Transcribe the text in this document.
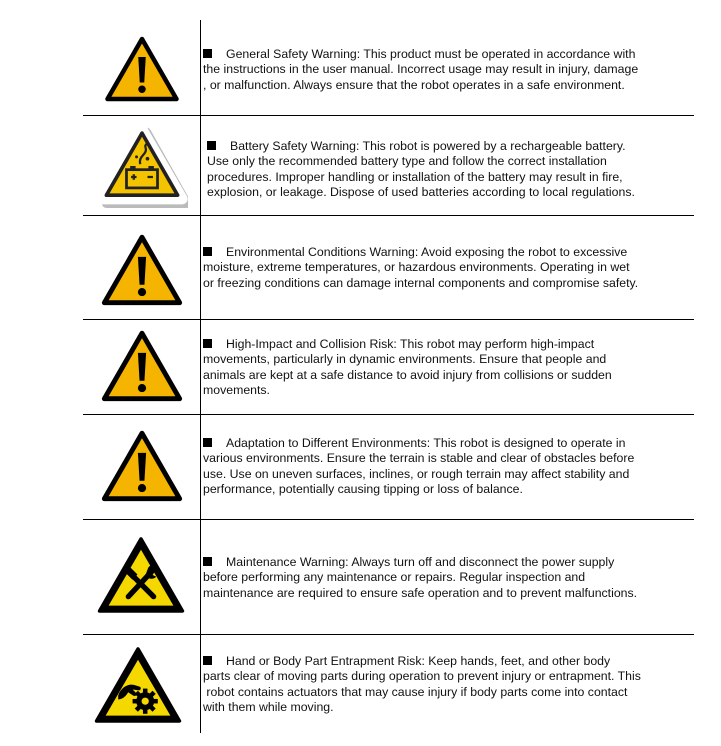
General Safety Warning: This product must be operated in accordance with
the instructions in the user manual. Incorrect usage may result in injury, damage
, or malfunction. Always ensure that the robot operates in a safe environment.
Battery Safety Warning: This robot is powered by a rechargeable battery.
Use only the recommended battery type and follow the correct installation
procedures. Improper handling or installation of the battery may result in fire,
explosion, or leakage. Dispose of used batteries according to local regulations.
Environmental Conditions Warning: Avoid exposing the robot to excessive
moisture, extreme temperatures, or hazardous environments. Operating in wet
or freezing conditions can damage internal components and compromise safety.
High-Impact and Collision Risk: This robot may perform high-impact
movements, particularly in dynamic environments. Ensure that people and
animals are kept at a safe distance to avoid injury from collisions or sudden
movements.
Adaptation to Different Environments: This robot is designed to operate in
various environments. Ensure the terrain is stable and clear of obstacles before
use. Use on uneven surfaces, inclines, or rough terrain may affect stability and
performance, potentially causing tipping or loss of balance.
Maintenance Warning: Always turn off and disconnect the power supply
before performing any maintenance or repairs. Regular inspection and
maintenance are required to ensure safe operation and to prevent malfunctions.
Hand or Body Part Entrapment Risk: Keep hands, feet, and other body
parts clear of moving parts during operation to prevent injury or entrapment. This
robot contains actuators that may cause injury if body parts come into contact
with them while moving.
